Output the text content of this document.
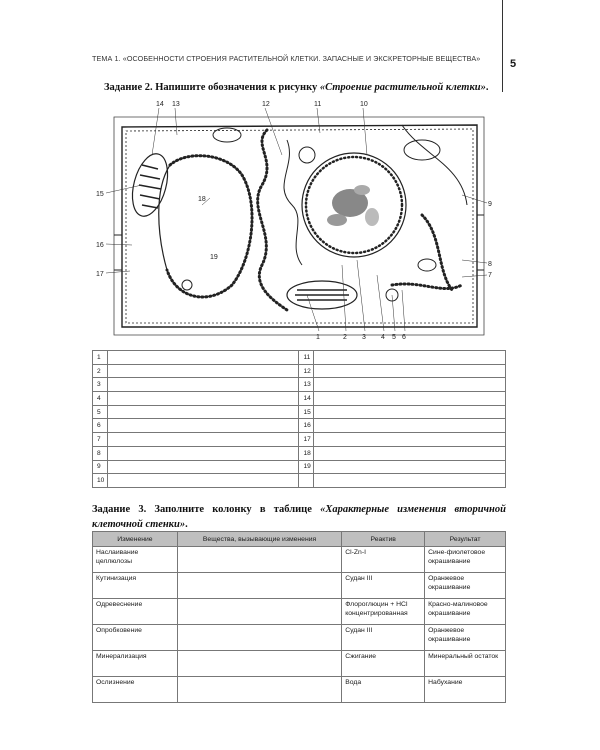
ТЕМА 1. «ОСОБЕННОСТИ СТРОЕНИЯ РАСТИТЕЛЬНОЙ КЛЕТКИ. ЗАПАСНЫЕ И ЭКСКРЕТОРНЫЕ ВЕЩЕСТВА»	5
Задание 2. Напишите обозначения к рисунку «Строение растительной клетки».
14 13	12	11	10
15
18
9
16
19
8
17	7
1	2 3 4 5 6
1		11	
2		12	
3		13	
4		14	
5		15	
6		16	
7		17	
8		18	
9		19	
10			
Задание 3. Заполните колонку в таблице «Характерные изменения вторичной клеточной стенки».
Изменение	Вещества, вызывающие изменения	Реактив	Результат
Наслаивание целлюлозы		Cl-Zn-I	Сине-фиолетовое окрашивание
Кутинизация		Судан III	Оранжевое окрашивание
Одревеснение		Флороглюцин + HCl концентрированная	Красно-малиновое окрашивание
Опробковение		Судан III	Оранжевое окрашивание
Минерализация		Сжигание	Минеральный остаток
Ослизнение		Вода	Набухание
